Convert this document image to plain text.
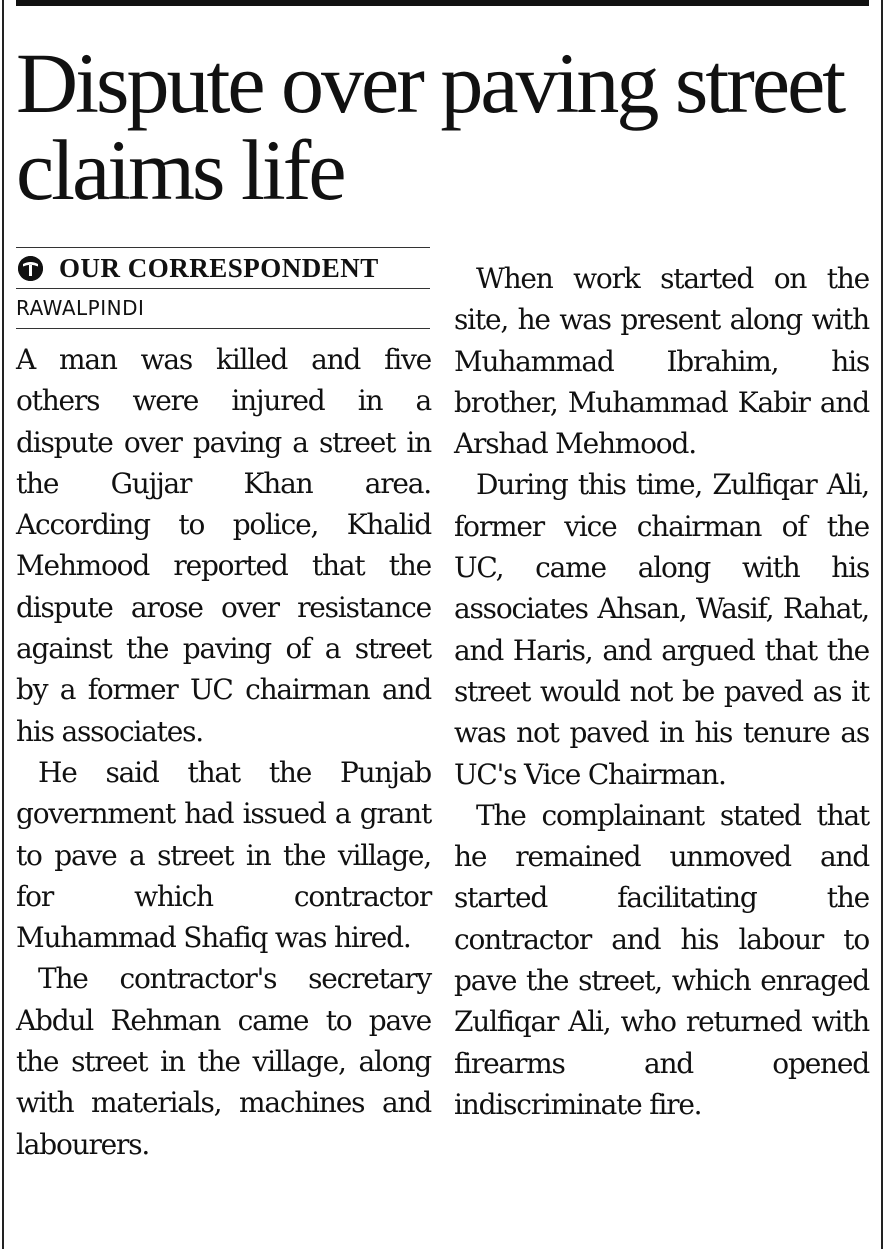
Dispute over paving street claims life
OUR CORRESPONDENT
RAWALPINDI

A man was killed and five others were injured in a dispute over paving a street in the Gujjar Khan area. According to police, Khalid Mehmood reported that the dispute arose over resistance against the paving of a street by a former UC chairman and his associates.

He said that the Punjab government had issued a grant to pave a street in the village, for which contractor Muhammad Shafiq was hired.

The contractor's secretary Abdul Rehman came to pave the street in the village, along with materials, machines and labourers.

When work started on the site, he was present along with Muhammad Ibrahim, his brother, Muhammad Kabir and Arshad Mehmood.

During this time, Zulfiqar Ali, former vice chairman of the UC, came along with his associates Ahsan, Wasif, Rahat, and Haris, and argued that the street would not be paved as it was not paved in his tenure as UC's Vice Chairman.

The complainant stated that he remained unmoved and started facilitating the contractor and his labour to pave the street, which enraged Zulfiqar Ali, who returned with firearms and opened indiscriminate fire.
